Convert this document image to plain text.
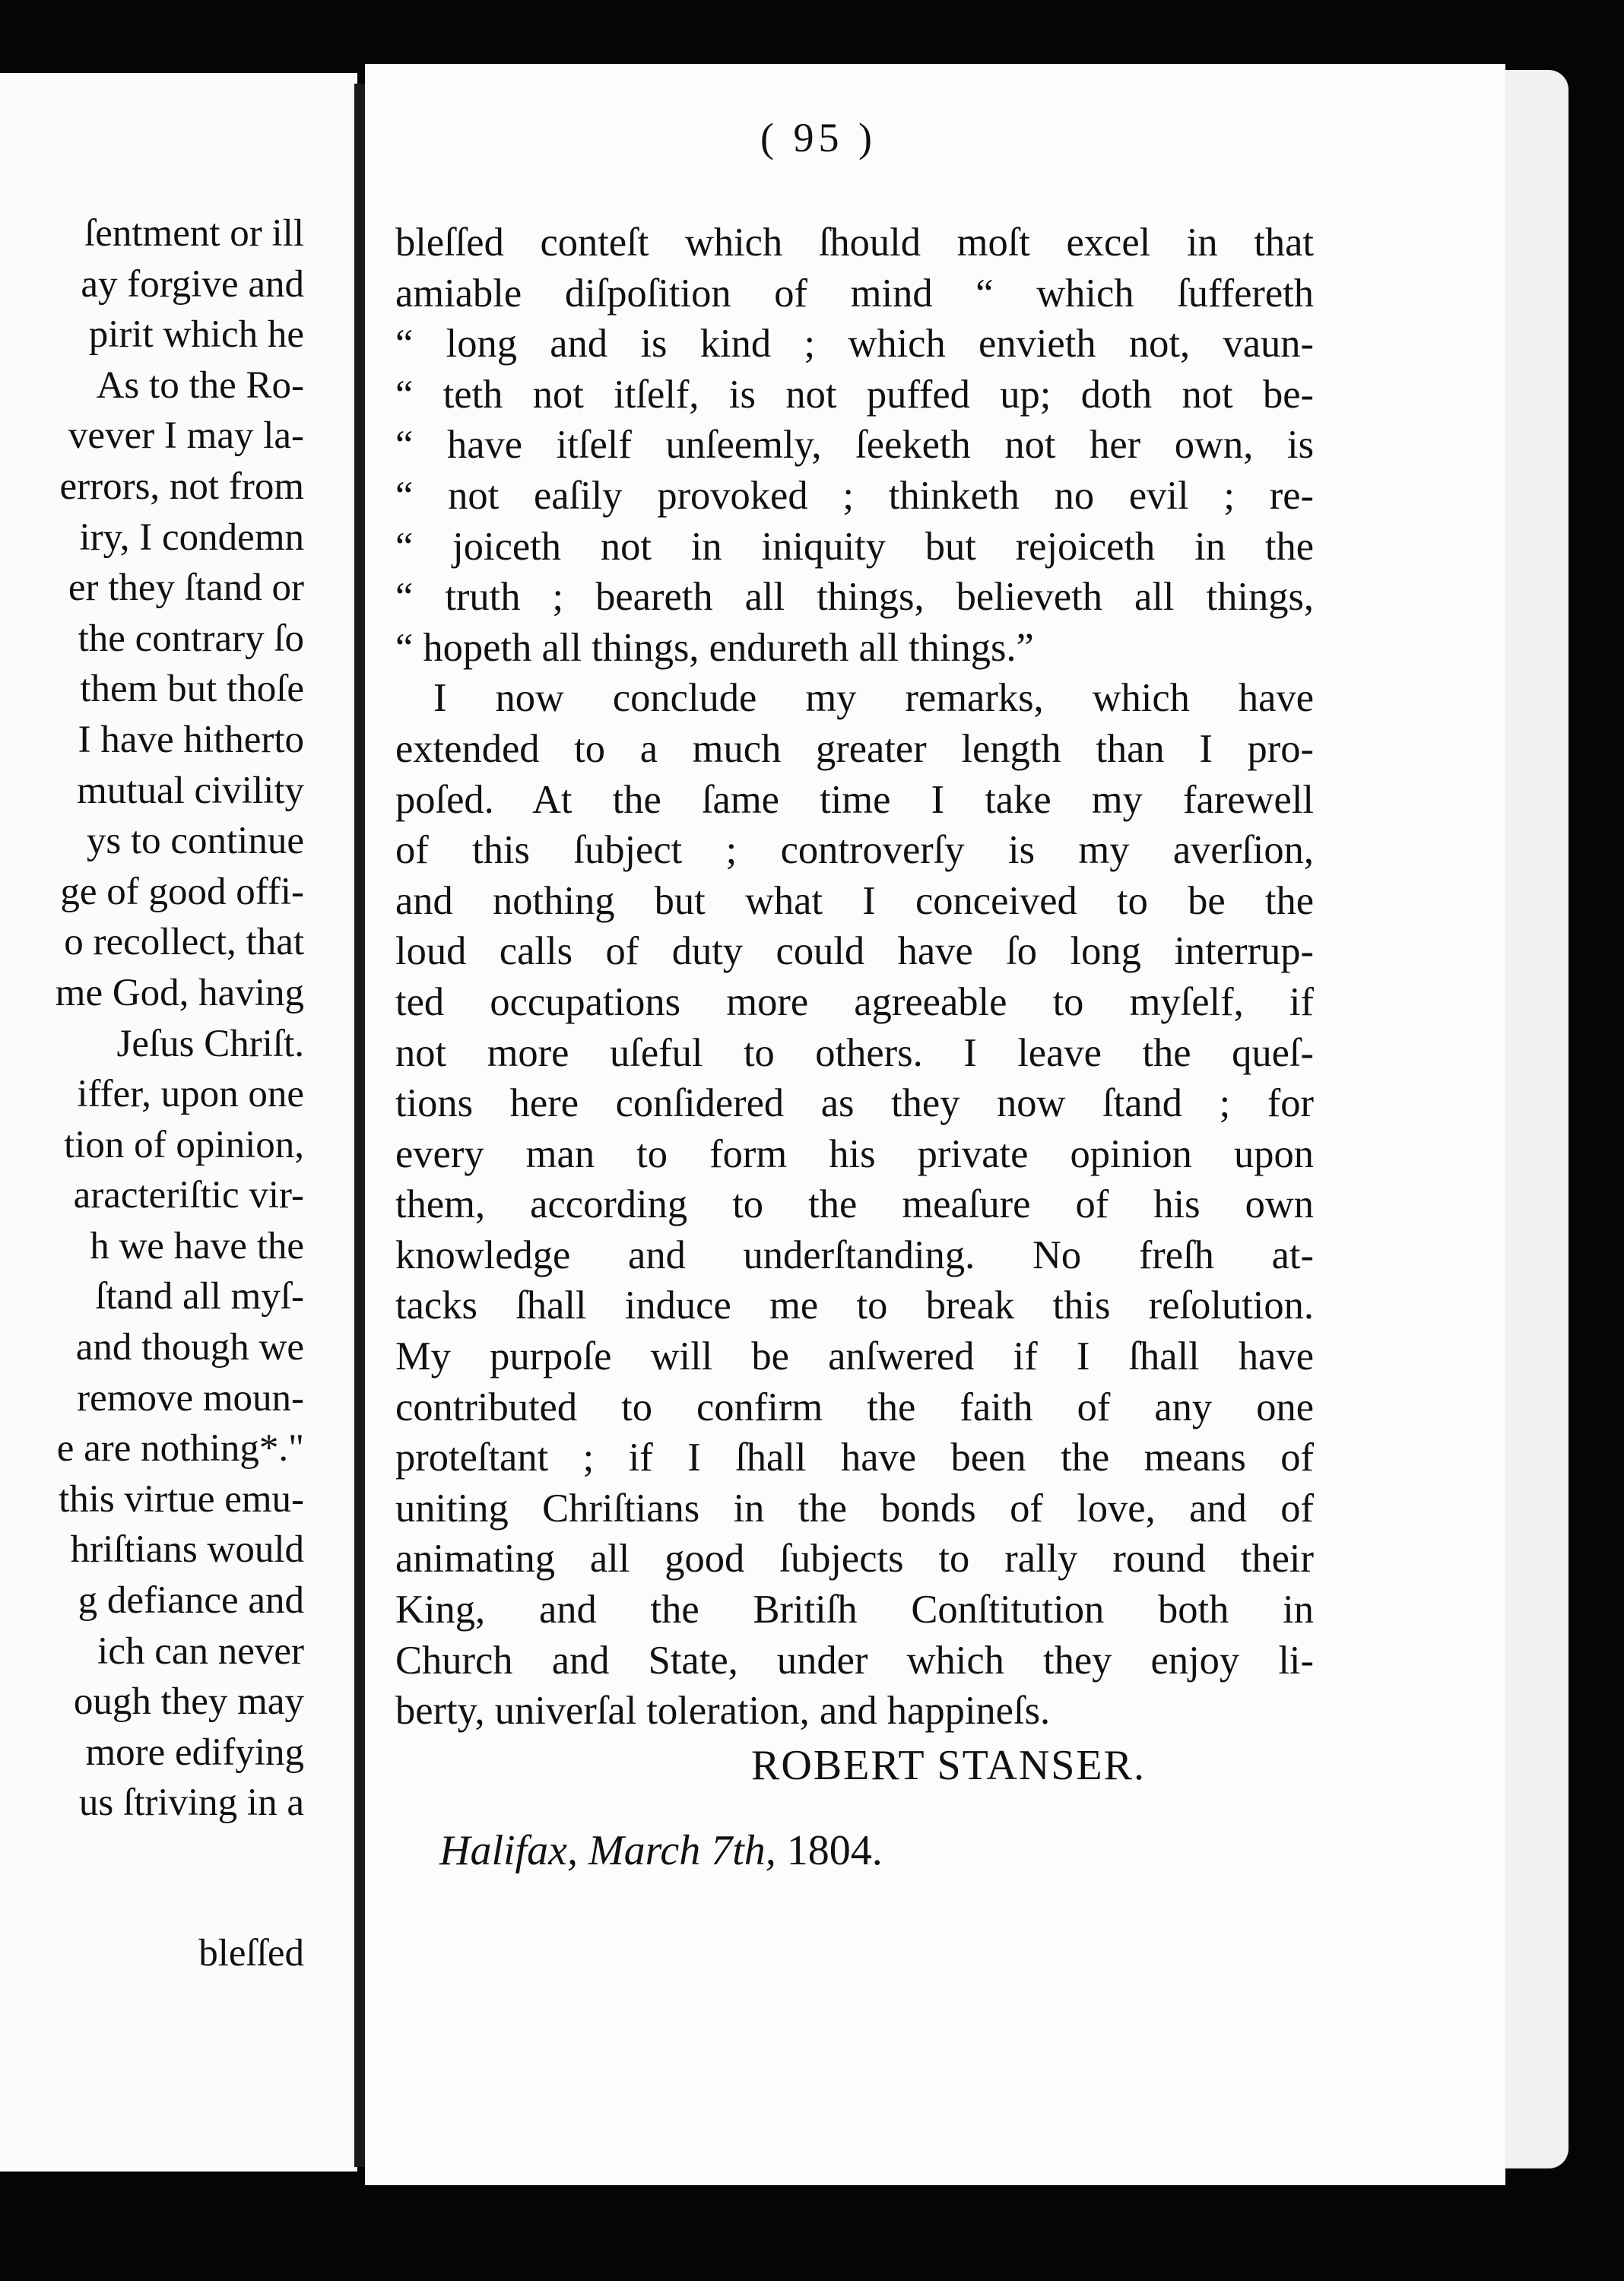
ſentment or ill
ay forgive and
pirit which he
As to the Ro-
vever I may la-
errors, not from
iry, I condemn
er they ſtand or
the contrary ſo
them but thoſe
I have hitherto
mutual civility
ys to continue
ge of good offi-
o recollect, that
me God, having
Jeſus Chriſt.
iffer, upon one
tion of opinion,
aracteriſtic vir-
h we have the
ſtand all myſ-
and though we
remove moun-
e are nothing*."
this virtue emu-
hriſtians would
g defiance and
ich can never
ough they may
more edifying
us ſtriving in a
bleſſed
( 95 )
bleſſed conteſt which ſhould moſt excel in that
amiable diſpoſition of mind “ which ſuffereth
“ long and is kind ; which envieth not, vaun-
“ teth not itſelf, is not puffed up; doth not be-
“ have itſelf unſeemly, ſeeketh not her own, is
“ not eaſily provoked ; thinketh no evil ; re-
“ joiceth not in iniquity but rejoiceth in the
“ truth ; beareth all things, believeth all things,
“ hopeth all things, endureth all things.”
I now conclude my remarks, which have
extended to a much greater length than I pro-
poſed. At the ſame time I take my farewell
of this ſubject ; controverſy is my averſion,
and nothing but what I conceived to be the
loud calls of duty could have ſo long interrup-
ted occupations more agreeable to myſelf, if
not more uſeful to others. I leave the queſ-
tions here conſidered as they now ſtand ; for
every man to form his private opinion upon
them, according to the meaſure of his own
knowledge and underſtanding. No freſh at-
tacks ſhall induce me to break this reſolution.
My purpoſe will be anſwered if I ſhall have
contributed to confirm the faith of any one
proteſtant ; if I ſhall have been the means of
uniting Chriſtians in the bonds of love, and of
animating all good ſubjects to rally round their
King, and the Britiſh Conſtitution both in
Church and State, under which they enjoy li-
berty, univerſal toleration, and happineſs.
ROBERT STANSER.
Halifax, March 7th, 1804.
